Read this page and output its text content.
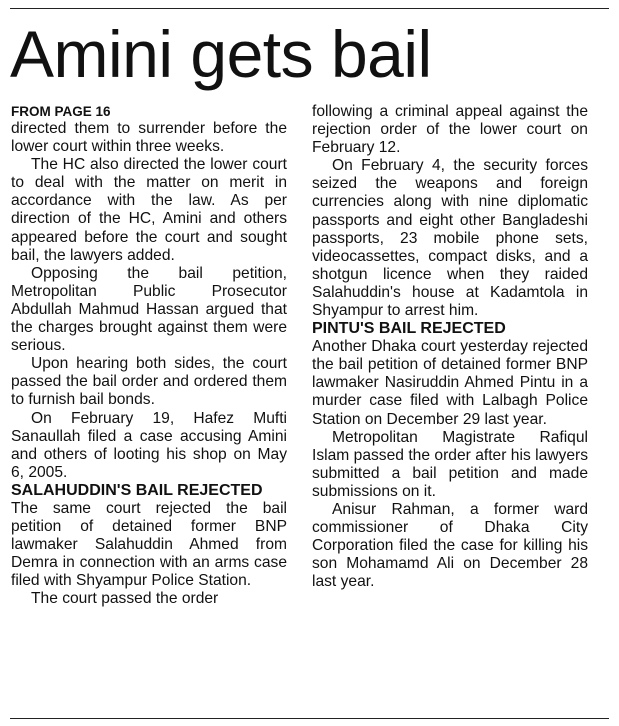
Amini gets bail
FROM PAGE 16

directed them to surrender before the lower court within three weeks.

The HC also directed the lower court to deal with the matter on merit in accordance with the law. As per direction of the HC, Amini and others appeared before the court and sought bail, the lawyers added.

Opposing the bail petition, Metropolitan Public Prosecutor Abdullah Mahmud Hassan argued that the charges brought against them were serious.

Upon hearing both sides, the court passed the bail order and ordered them to furnish bail bonds.

On February 19, Hafez Mufti Sanaullah filed a case accusing Amini and others of looting his shop on May 6, 2005.

SALAHUDDIN'S BAIL REJECTED

The same court rejected the bail petition of detained former BNP lawmaker Salahuddin Ahmed from Demra in connection with an arms case filed with Shyampur Police Station.

The court passed the order

following a criminal appeal against the rejection order of the lower court on February 12.

On February 4, the security forces seized the weapons and foreign currencies along with nine diplomatic passports and eight other Bangladeshi passports, 23 mobile phone sets, videocassettes, compact disks, and a shotgun licence when they raided Salahuddin's house at Kadamtola in Shyampur to arrest him.

PINTU'S BAIL REJECTED

Another Dhaka court yesterday rejected the bail petition of detained former BNP lawmaker Nasiruddin Ahmed Pintu in a murder case filed with Lalbagh Police Station on December 29 last year.

Metropolitan Magistrate Rafiqul Islam passed the order after his lawyers submitted a bail petition and made submissions on it.

Anisur Rahman, a former ward commissioner of Dhaka City Corporation filed the case for killing his son Mohamamd Ali on December 28 last year.
